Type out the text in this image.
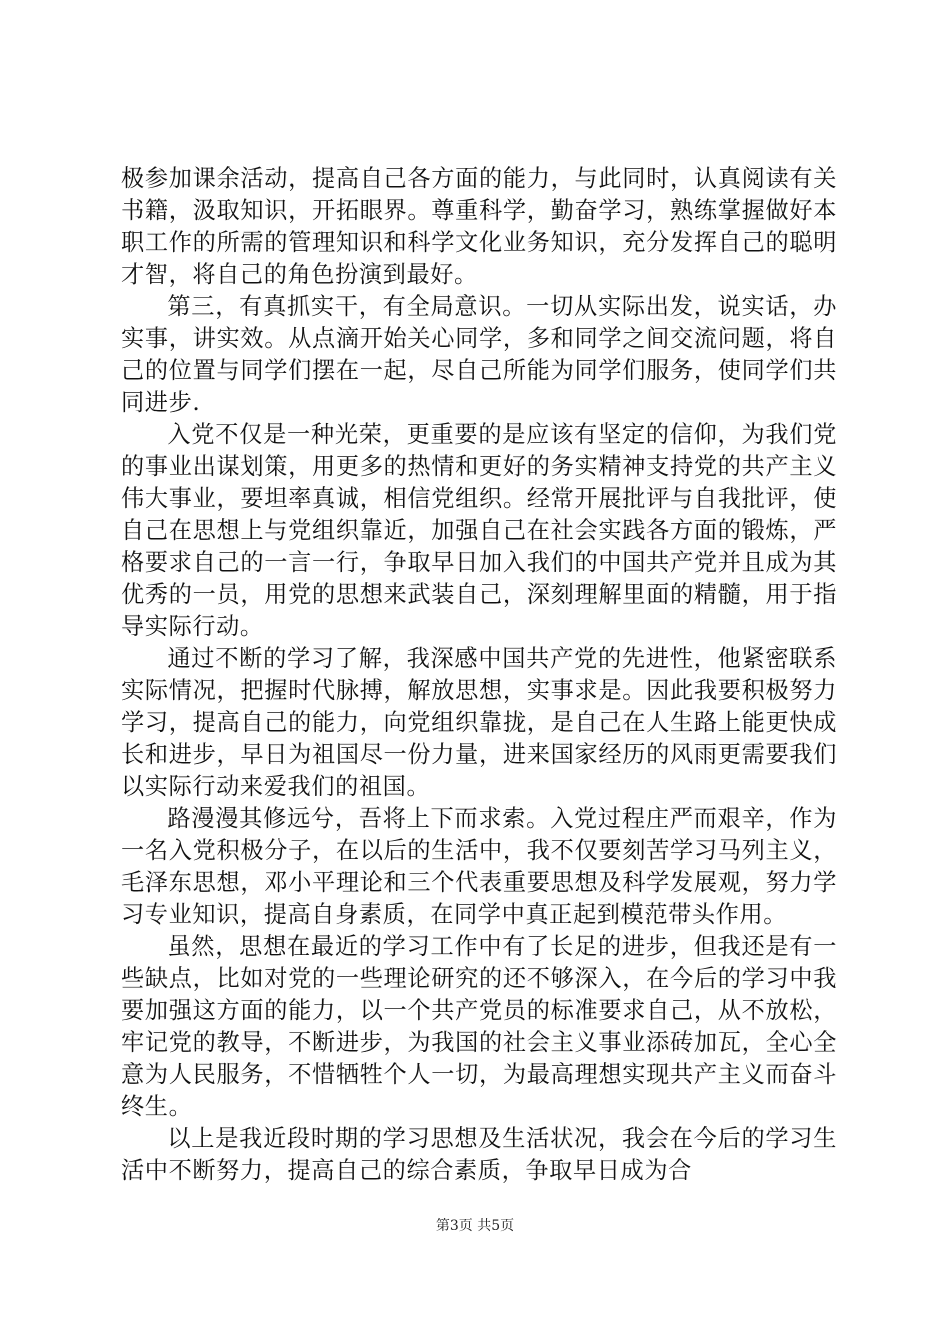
极参加课余活动，提高自己各方面的能力，与此同时，认真阅读有关书籍，汲取知识，开拓眼界。尊重科学，勤奋学习，熟练掌握做好本职工作的所需的管理知识和科学文化业务知识，充分发挥自己的聪明才智，将自己的角色扮演到最好。

第三，有真抓实干，有全局意识。一切从实际出发，说实话，办实事，讲实效。从点滴开始关心同学，多和同学之间交流问题，将自己的位置与同学们摆在一起，尽自己所能为同学们服务，使同学们共同进步.

入党不仅是一种光荣，更重要的是应该有坚定的信仰，为我们党的事业出谋划策，用更多的热情和更好的务实精神支持党的共产主义伟大事业，要坦率真诚，相信党组织。经常开展批评与自我批评，使自己在思想上与党组织靠近，加强自己在社会实践各方面的锻炼，严格要求自己的一言一行，争取早日加入我们的中国共产党并且成为其优秀的一员，用党的思想来武装自己，深刻理解里面的精髓，用于指导实际行动。

通过不断的学习了解，我深感中国共产党的先进性，他紧密联系实际情况，把握时代脉搏，解放思想，实事求是。因此我要积极努力学习，提高自己的能力，向党组织靠拢，是自己在人生路上能更快成长和进步，早日为祖国尽一份力量，进来国家经历的风雨更需要我们以实际行动来爱我们的祖国。

路漫漫其修远兮，吾将上下而求索。入党过程庄严而艰辛，作为一名入党积极分子，在以后的生活中，我不仅要刻苦学习马列主义，毛泽东思想，邓小平理论和三个代表重要思想及科学发展观，努力学习专业知识，提高自身素质，在同学中真正起到模范带头作用。

虽然，思想在最近的学习工作中有了长足的进步，但我还是有一些缺点，比如对党的一些理论研究的还不够深入，在今后的学习中我要加强这方面的能力，以一个共产党员的标准要求自己，从不放松，牢记党的教导，不断进步，为我国的社会主义事业添砖加瓦，全心全意为人民服务，不惜牺牲个人一切，为最高理想实现共产主义而奋斗终生。

以上是我近段时期的学习思想及生活状况，我会在今后的学习生活中不断努力，提高自己的综合素质，争取早日成为合

第3页 共5页
